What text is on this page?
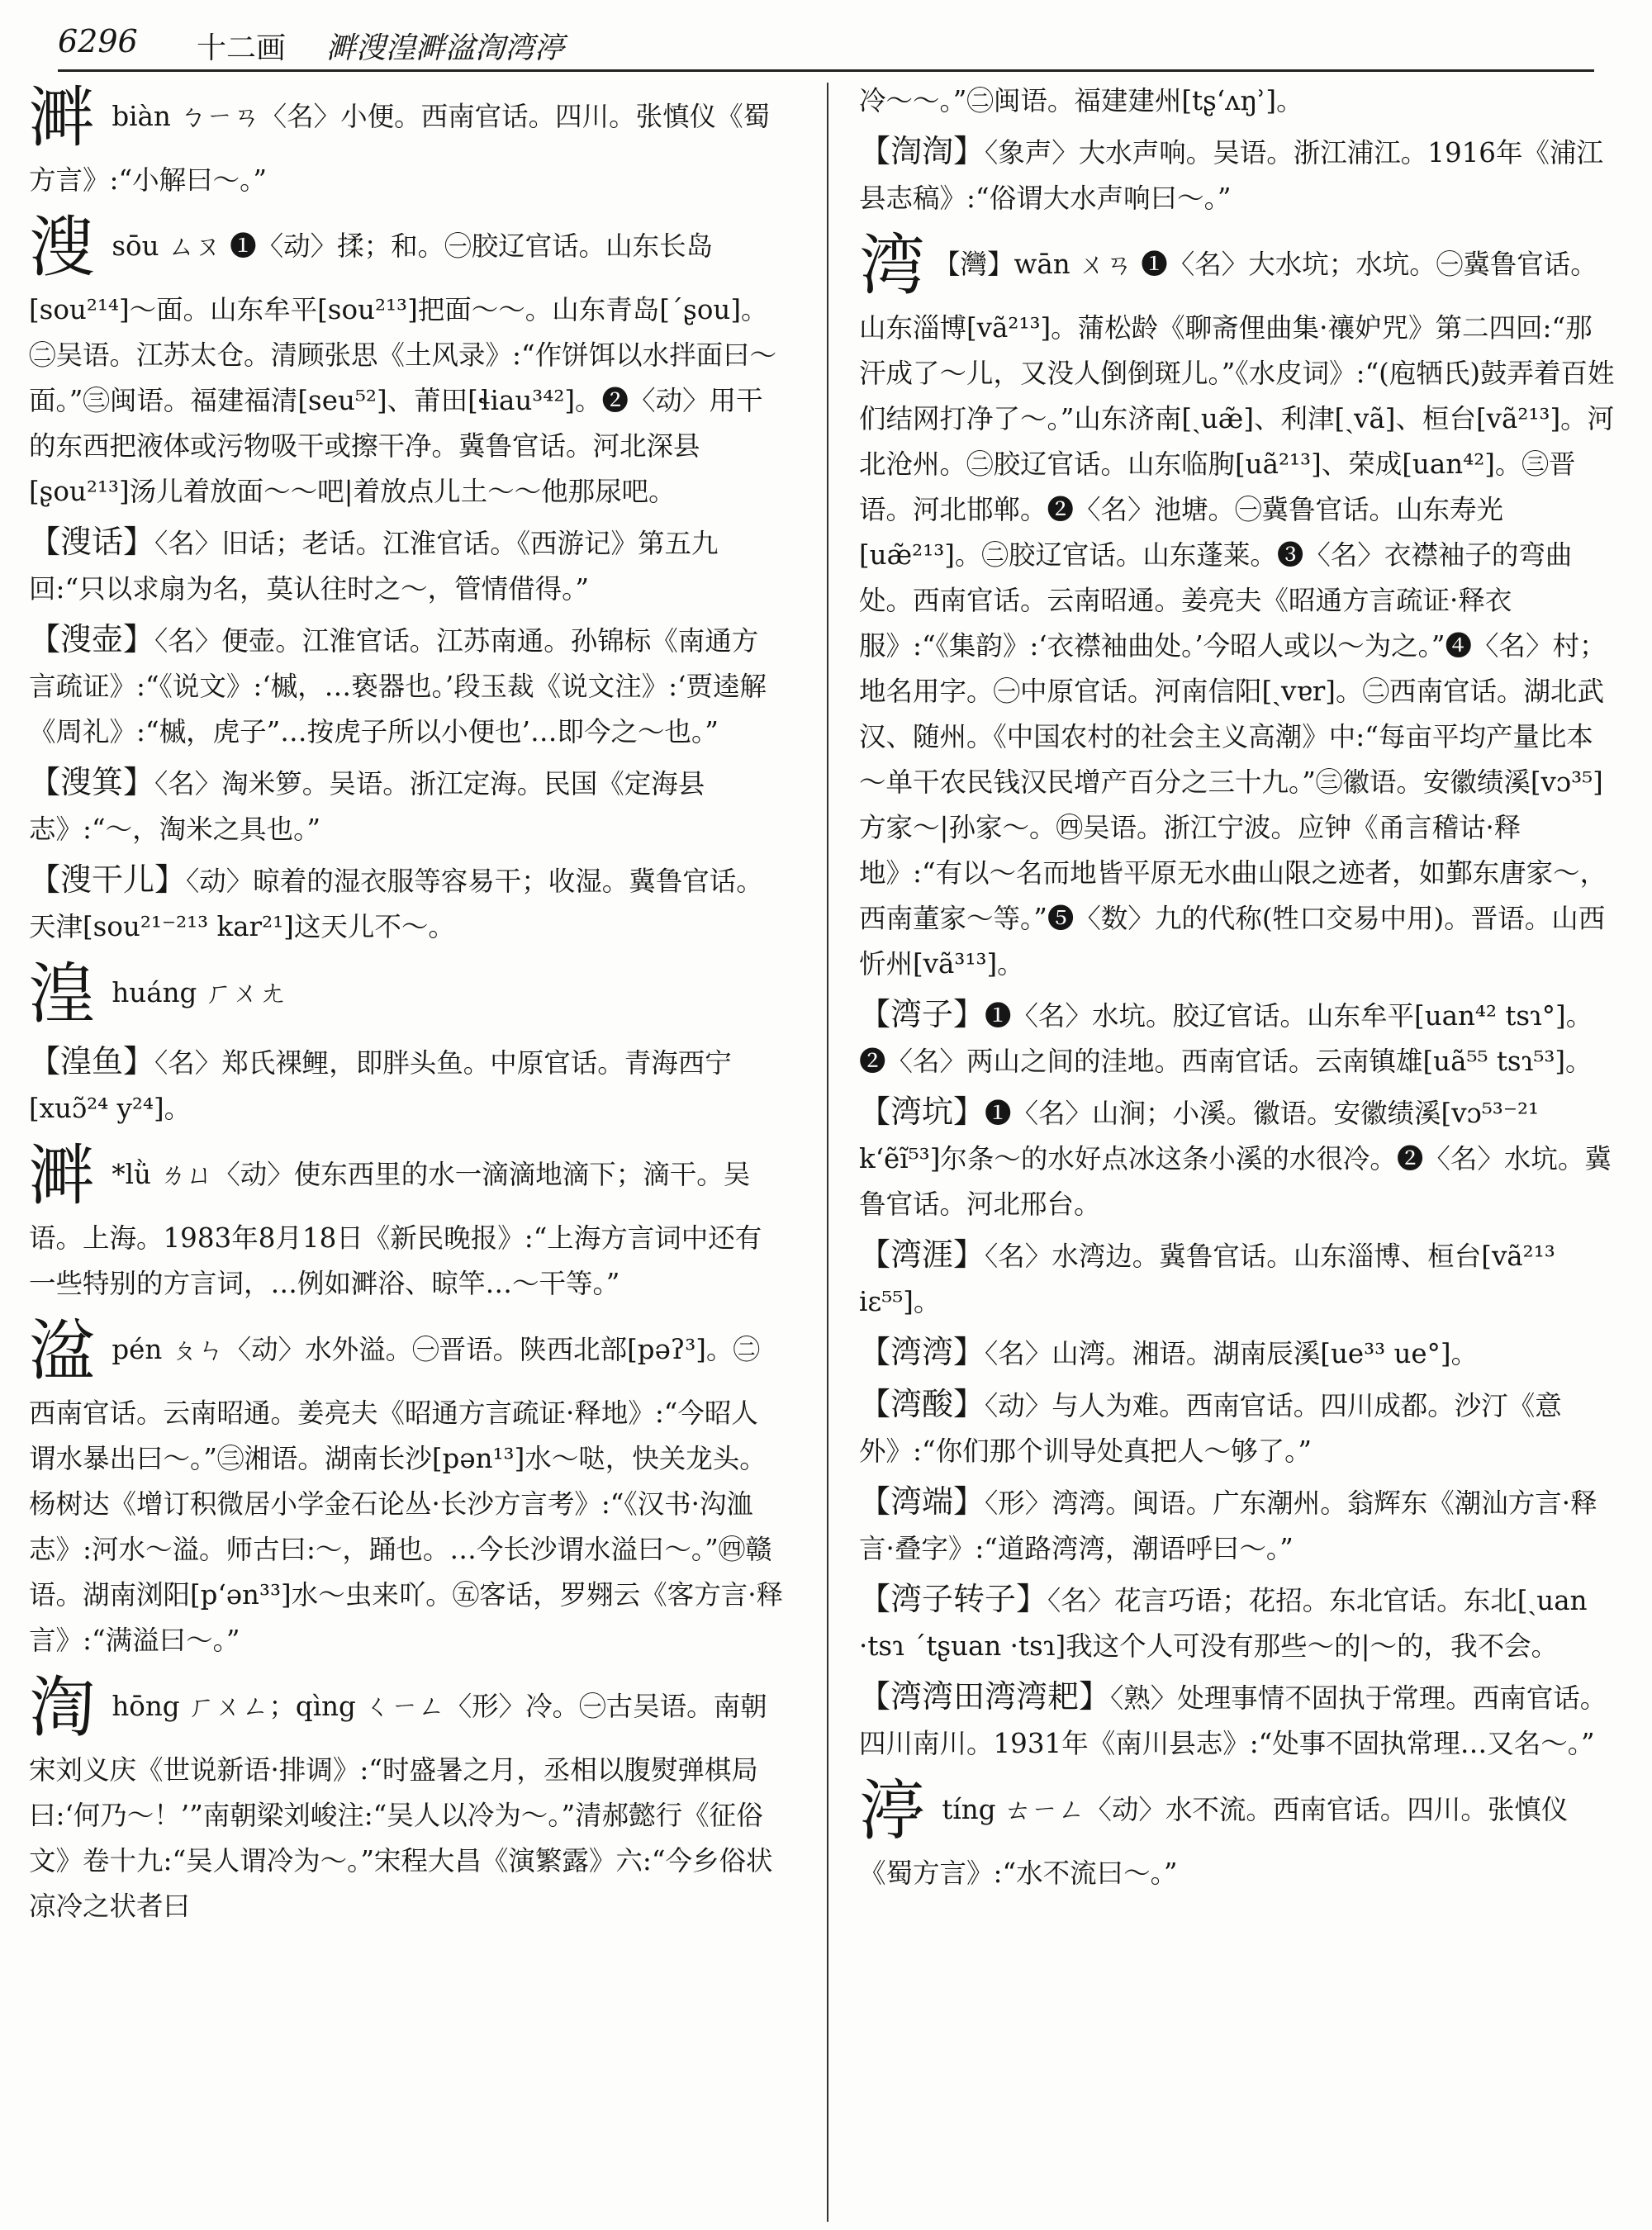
6296 十二画 溿溲湟溿湓渹湾渟
溿 biàn ㄅㄧㄢ〈名〉小便。西南官话。四川。张慎仪《蜀方言》:“小解曰～。”
溲 sōu ㄙㄡ ❶〈动〉揉；和。㊀胶辽官话。山东长岛[sou²¹⁴]～面。山东牟平[sou²¹³]把面～～。山东青岛[ˊʂou]。㊁吴语。江苏太仓。清顾张思《土风录》:“作饼饵以水拌面曰～面。”㊂闽语。福建福清[seu⁵²]、莆田[ɬiau³⁴²]。❷〈动〉用干的东西把液体或污物吸干或擦干净。冀鲁官话。河北深县[ʂou²¹³]汤儿着放面～～吧|着放点儿土～～他那尿吧。
【溲话】〈名〉旧话；老话。江淮官话。《西游记》第五九回:“只以求扇为名，莫认往时之～，管情借得。”
【溲壶】〈名〉便壶。江淮官话。江苏南通。孙锦标《南通方言疏证》:“《说文》:‘槭，…亵器也。’段玉裁《说文注》:‘贾逵解《周礼》:“槭，虎子”…按虎子所以小便也’…即今之～也。”
【溲箕】〈名〉淘米箩。吴语。浙江定海。民国《定海县志》:“～，淘米之具也。”
【溲干儿】〈动〉晾着的湿衣服等容易干；收湿。冀鲁官话。天津[sou²¹⁻²¹³ kar²¹]这天儿不～。
湟 huáng ㄏㄨㄤ
【湟鱼】〈名〉郑氏裸鲤，即胖头鱼。中原官话。青海西宁[xuɔ̃²⁴ y²⁴]。
溿 *lǜ ㄌㄩ〈动〉使东西里的水一滴滴地滴下；滴干。吴语。上海。1983年8月18日《新民晚报》:“上海方言词中还有一些特别的方言词，…例如溿浴、晾竿…～干等。”
湓 pén ㄆㄣ〈动〉水外溢。㊀晋语。陕西北部[pəʔ³]。㊁西南官话。云南昭通。姜亮夫《昭通方言疏证·释地》:“今昭人谓水暴出曰～。”㊂湘语。湖南长沙[pən¹³]水～哒，快关龙头。杨树达《增订积微居小学金石论丛·长沙方言考》:“《汉书·沟洫志》:河水～溢。师古曰:～，踊也。…今长沙谓水溢曰～。”㊃赣语。湖南浏阳[pʻən³³]水～虫来吖。㊄客话，罗翙云《客方言·释言》:“满溢曰～。”
渹 hōng ㄏㄨㄥ；qìng ㄑㄧㄥ〈形〉冷。㊀古吴语。南朝宋刘义庆《世说新语·排调》:“时盛暑之月，丞相以腹熨弹棋局曰:‘何乃～！’”南朝梁刘峻注:“吴人以冷为～。”清郝懿行《征俗文》卷十九:“吴人谓冷为～。”宋程大昌《演繁露》六:“今乡俗状凉冷之状者曰
冷～～。”㊁闽语。福建建州[tʂʻʌŋʾ]。
【渹渹】〈象声〉大水声响。吴语。浙江浦江。1916年《浦江县志稿》:“俗谓大水声响曰～。”
湾 【灣】wān ㄨㄢ ❶〈名〉大水坑；水坑。㊀冀鲁官话。山东淄博[vã²¹³]。蒲松龄《聊斋俚曲集·禳妒咒》第二四回:“那汗成了～儿，又没人倒倒斑儿。”《水皮词》:“(庖牺氏)鼓弄着百姓们结网打净了～。”山东济南[ˏuæ̃]、利津[ˏvã]、桓台[vã²¹³]。河北沧州。㊁胶辽官话。山东临朐[uã²¹³]、荣成[uan⁴²]。㊂晋语。河北邯郸。❷〈名〉池塘。㊀冀鲁官话。山东寿光[uæ̃²¹³]。㊁胶辽官话。山东蓬莱。❸〈名〉衣襟袖子的弯曲处。西南官话。云南昭通。姜亮夫《昭通方言疏证·释衣服》:“《集韵》:‘衣襟袖曲处。’今昭人或以～为之。”❹〈名〉村；地名用字。㊀中原官话。河南信阳[ˏvɐr]。㊁西南官话。湖北武汉、随州。《中国农村的社会主义高潮》中:“每亩平均产量比本～单干农民钱汉民增产百分之三十九。”㊂徽语。安徽绩溪[vɔ³⁵]方家～|孙家～。㊃吴语。浙江宁波。应钟《甬言稽诂·释地》:“有以～名而地皆平原无水曲山限之迹者，如鄞东唐家～，西南董家～等。”❺〈数〉九的代称(牲口交易中用)。晋语。山西忻州[vã³¹³]。
【湾子】❶〈名〉水坑。胶辽官话。山东牟平[uan⁴² tsɿ°]。❷〈名〉两山之间的洼地。西南官话。云南镇雄[uã⁵⁵ tsɿ⁵³]。
【湾坑】❶〈名〉山涧；小溪。徽语。安徽绩溪[vɔ⁵³⁻²¹ kʻẽĩ⁵³]尔条～的水好点冰这条小溪的水很冷。❷〈名〉水坑。冀鲁官话。河北邢台。
【湾涯】〈名〉水湾边。冀鲁官话。山东淄博、桓台[vã²¹³ iɛ⁵⁵]。
【湾湾】〈名〉山湾。湘语。湖南辰溪[ue³³ ue°]。
【湾酸】〈动〉与人为难。西南官话。四川成都。沙汀《意外》:“你们那个训导处真把人～够了。”
【湾端】〈形〉湾湾。闽语。广东潮州。翁辉东《潮汕方言·释言·叠字》:“道路湾湾，潮语呼曰～。”
【湾子转子】〈名〉花言巧语；花招。东北官话。东北[ˏuan ·tsɿ ˊtʂuan ·tsɿ]我这个人可没有那些～的|～的，我不会。
【湾湾田湾湾耙】〈熟〉处理事情不固执于常理。西南官话。四川南川。1931年《南川县志》:“处事不固执常理…又名～。”
渟 tíng ㄊㄧㄥ〈动〉水不流。西南官话。四川。张慎仪《蜀方言》:“水不流曰～。”
